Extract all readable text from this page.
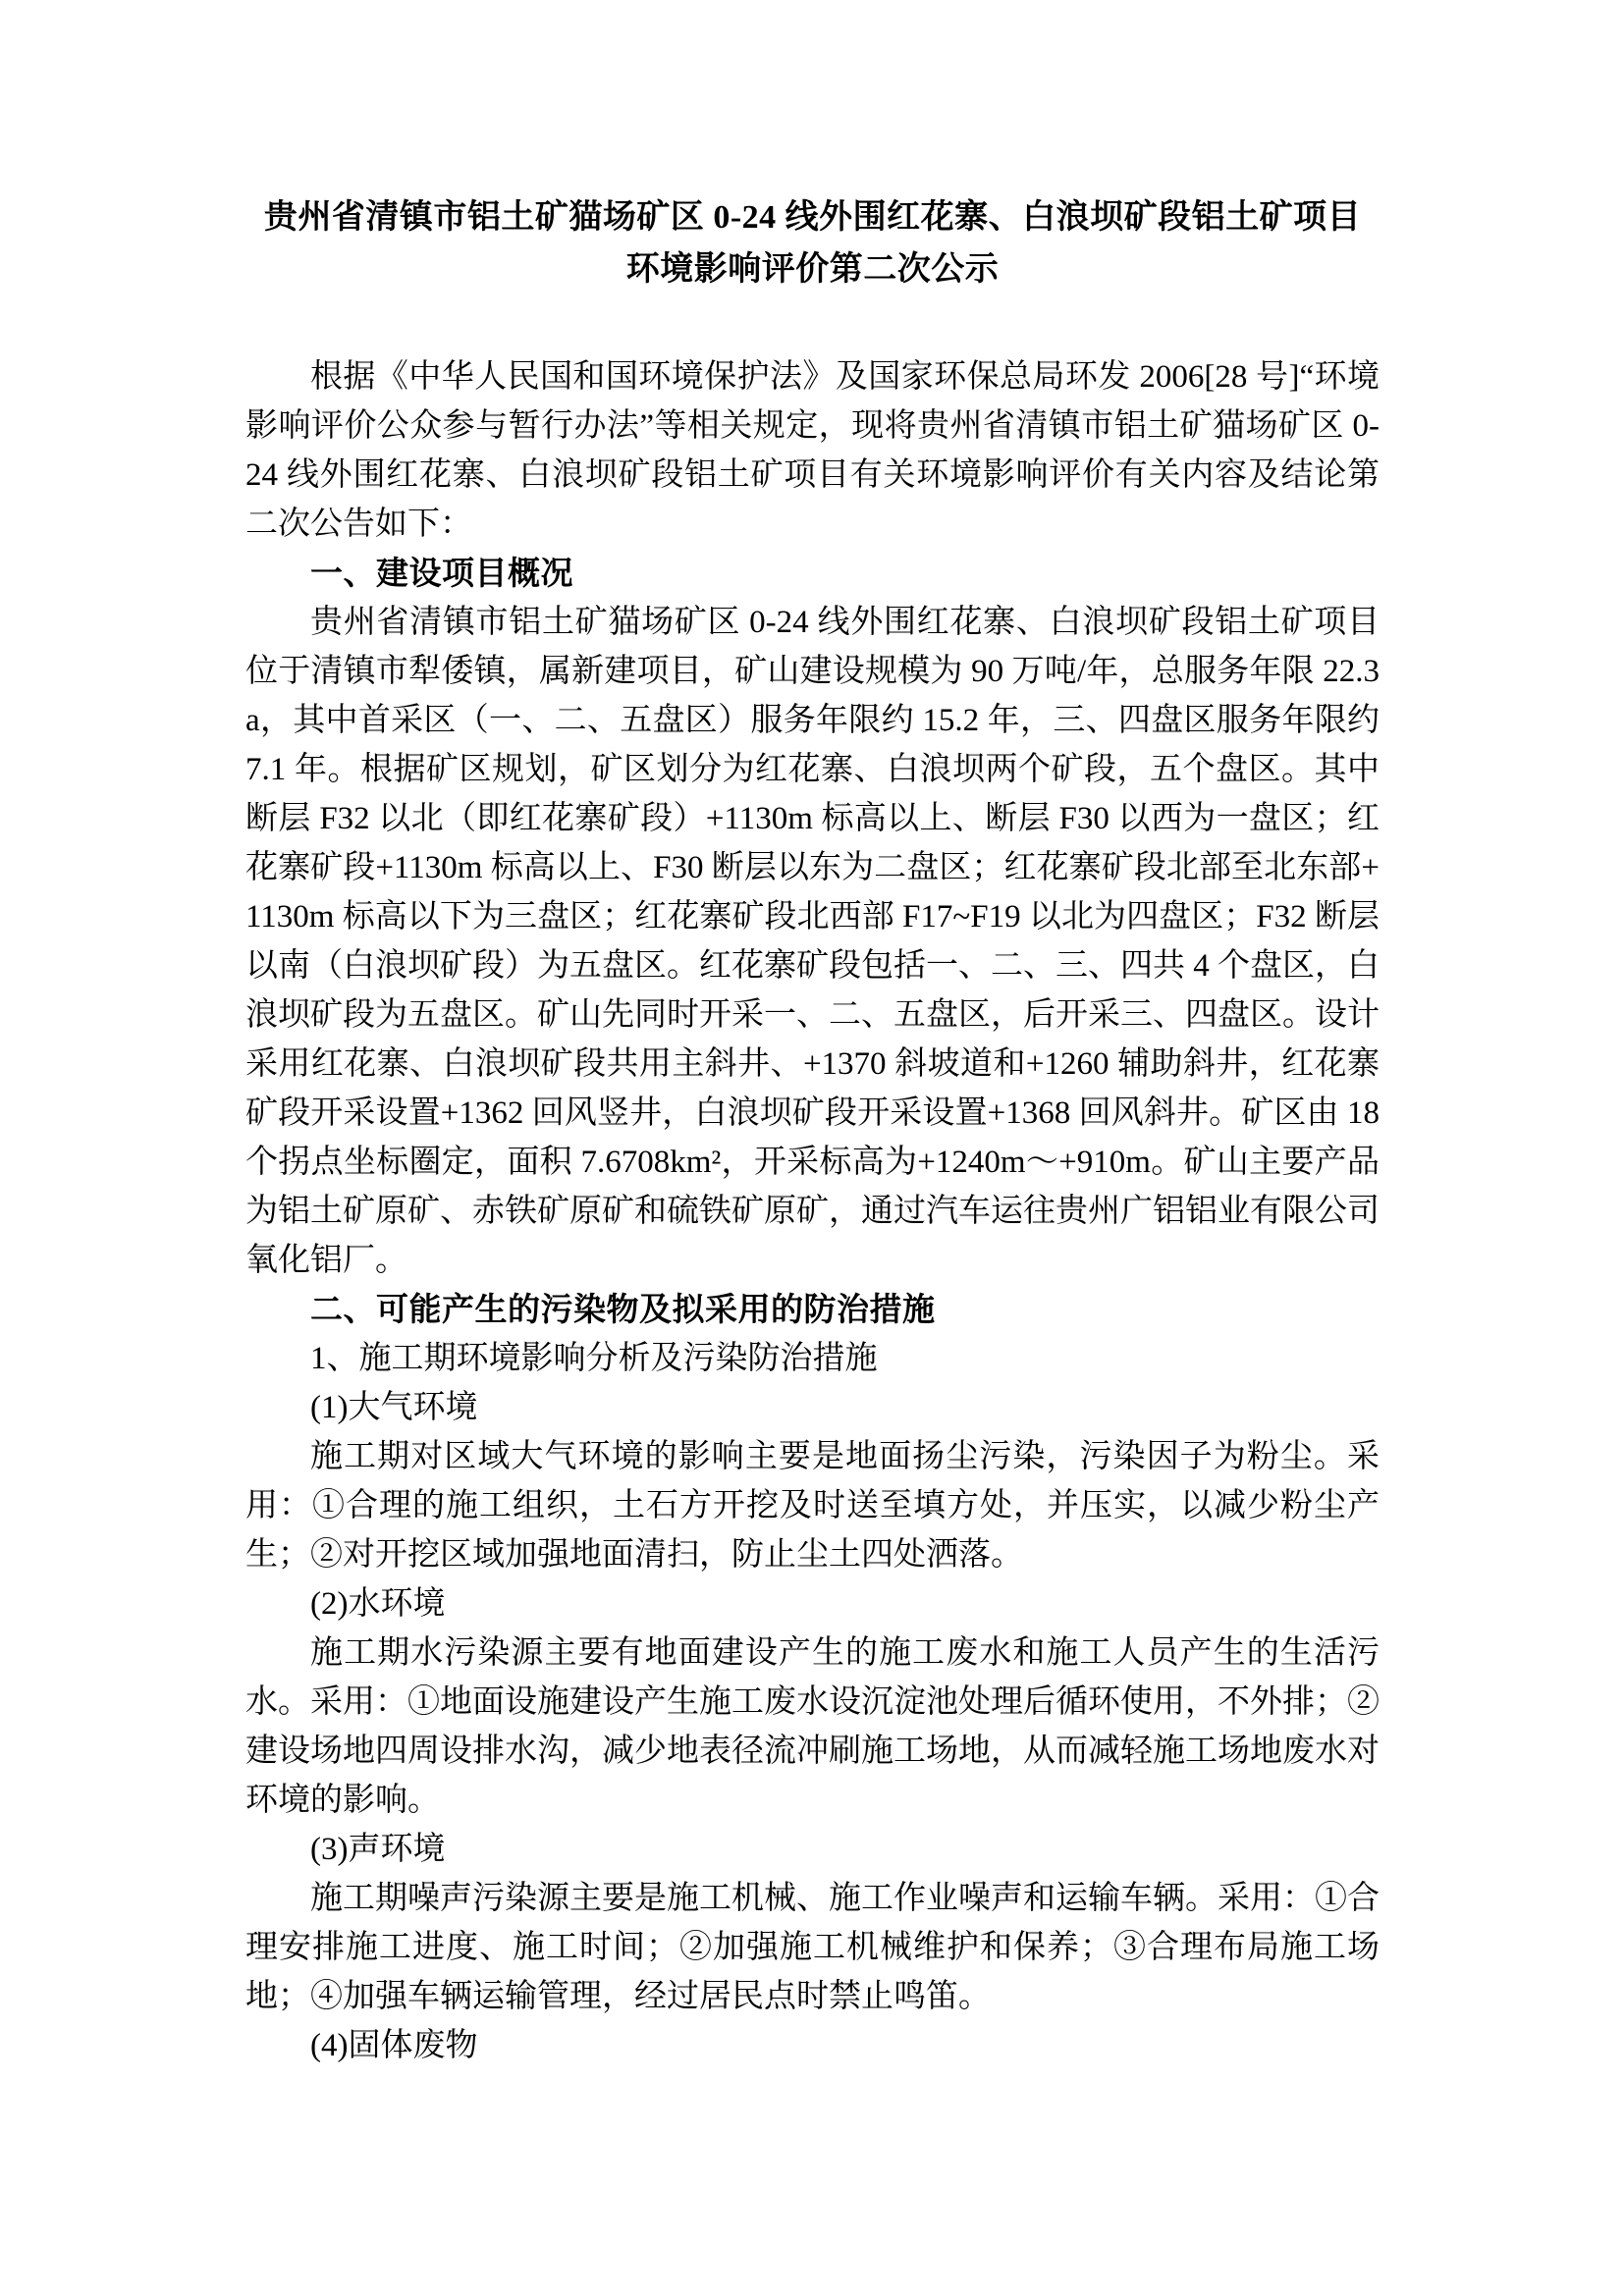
贵州省清镇市铝土矿猫场矿区 0-24 线外围红花寨、白浪坝矿段铝土矿项目
环境影响评价第二次公示

根据《中华人民国和国环境保护法》及国家环保总局环发 2006[28 号]“环境影响评价公众参与暂行办法”等相关规定，现将贵州省清镇市铝土矿猫场矿区 0-24 线外围红花寨、白浪坝矿段铝土矿项目有关环境影响评价有关内容及结论第二次公告如下：

一、建设项目概况

贵州省清镇市铝土矿猫场矿区 0-24 线外围红花寨、白浪坝矿段铝土矿项目位于清镇市犁倭镇，属新建项目，矿山建设规模为 90 万吨/年，总服务年限 22.3a，其中首采区（一、二、五盘区）服务年限约 15.2 年，三、四盘区服务年限约 7.1 年。根据矿区规划，矿区划分为红花寨、白浪坝两个矿段，五个盘区。其中断层 F32 以北（即红花寨矿段）+1130m 标高以上、断层 F30 以西为一盘区；红花寨矿段+1130m 标高以上、F30 断层以东为二盘区；红花寨矿段北部至北东部+1130m 标高以下为三盘区；红花寨矿段北西部 F17~F19 以北为四盘区；F32 断层以南（白浪坝矿段）为五盘区。红花寨矿段包括一、二、三、四共 4 个盘区，白浪坝矿段为五盘区。矿山先同时开采一、二、五盘区，后开采三、四盘区。设计采用红花寨、白浪坝矿段共用主斜井、+1370 斜坡道和+1260 辅助斜井，红花寨矿段开采设置+1362 回风竖井，白浪坝矿段开采设置+1368 回风斜井。矿区由 18 个拐点坐标圈定，面积 7.6708km²，开采标高为+1240m～+910m。矿山主要产品为铝土矿原矿、赤铁矿原矿和硫铁矿原矿，通过汽车运往贵州广铝铝业有限公司氧化铝厂。

二、可能产生的污染物及拟采用的防治措施

1、施工期环境影响分析及污染防治措施

(1)大气环境

施工期对区域大气环境的影响主要是地面扬尘污染，污染因子为粉尘。采用：①合理的施工组织，土石方开挖及时送至填方处，并压实，以减少粉尘产生；②对开挖区域加强地面清扫，防止尘土四处洒落。

(2)水环境

施工期水污染源主要有地面建设产生的施工废水和施工人员产生的生活污水。采用：①地面设施建设产生施工废水设沉淀池处理后循环使用，不外排；②建设场地四周设排水沟，减少地表径流冲刷施工场地，从而减轻施工场地废水对环境的影响。

(3)声环境

施工期噪声污染源主要是施工机械、施工作业噪声和运输车辆。采用：①合理安排施工进度、施工时间；②加强施工机械维护和保养；③合理布局施工场地；④加强车辆运输管理，经过居民点时禁止鸣笛。

(4)固体废物
